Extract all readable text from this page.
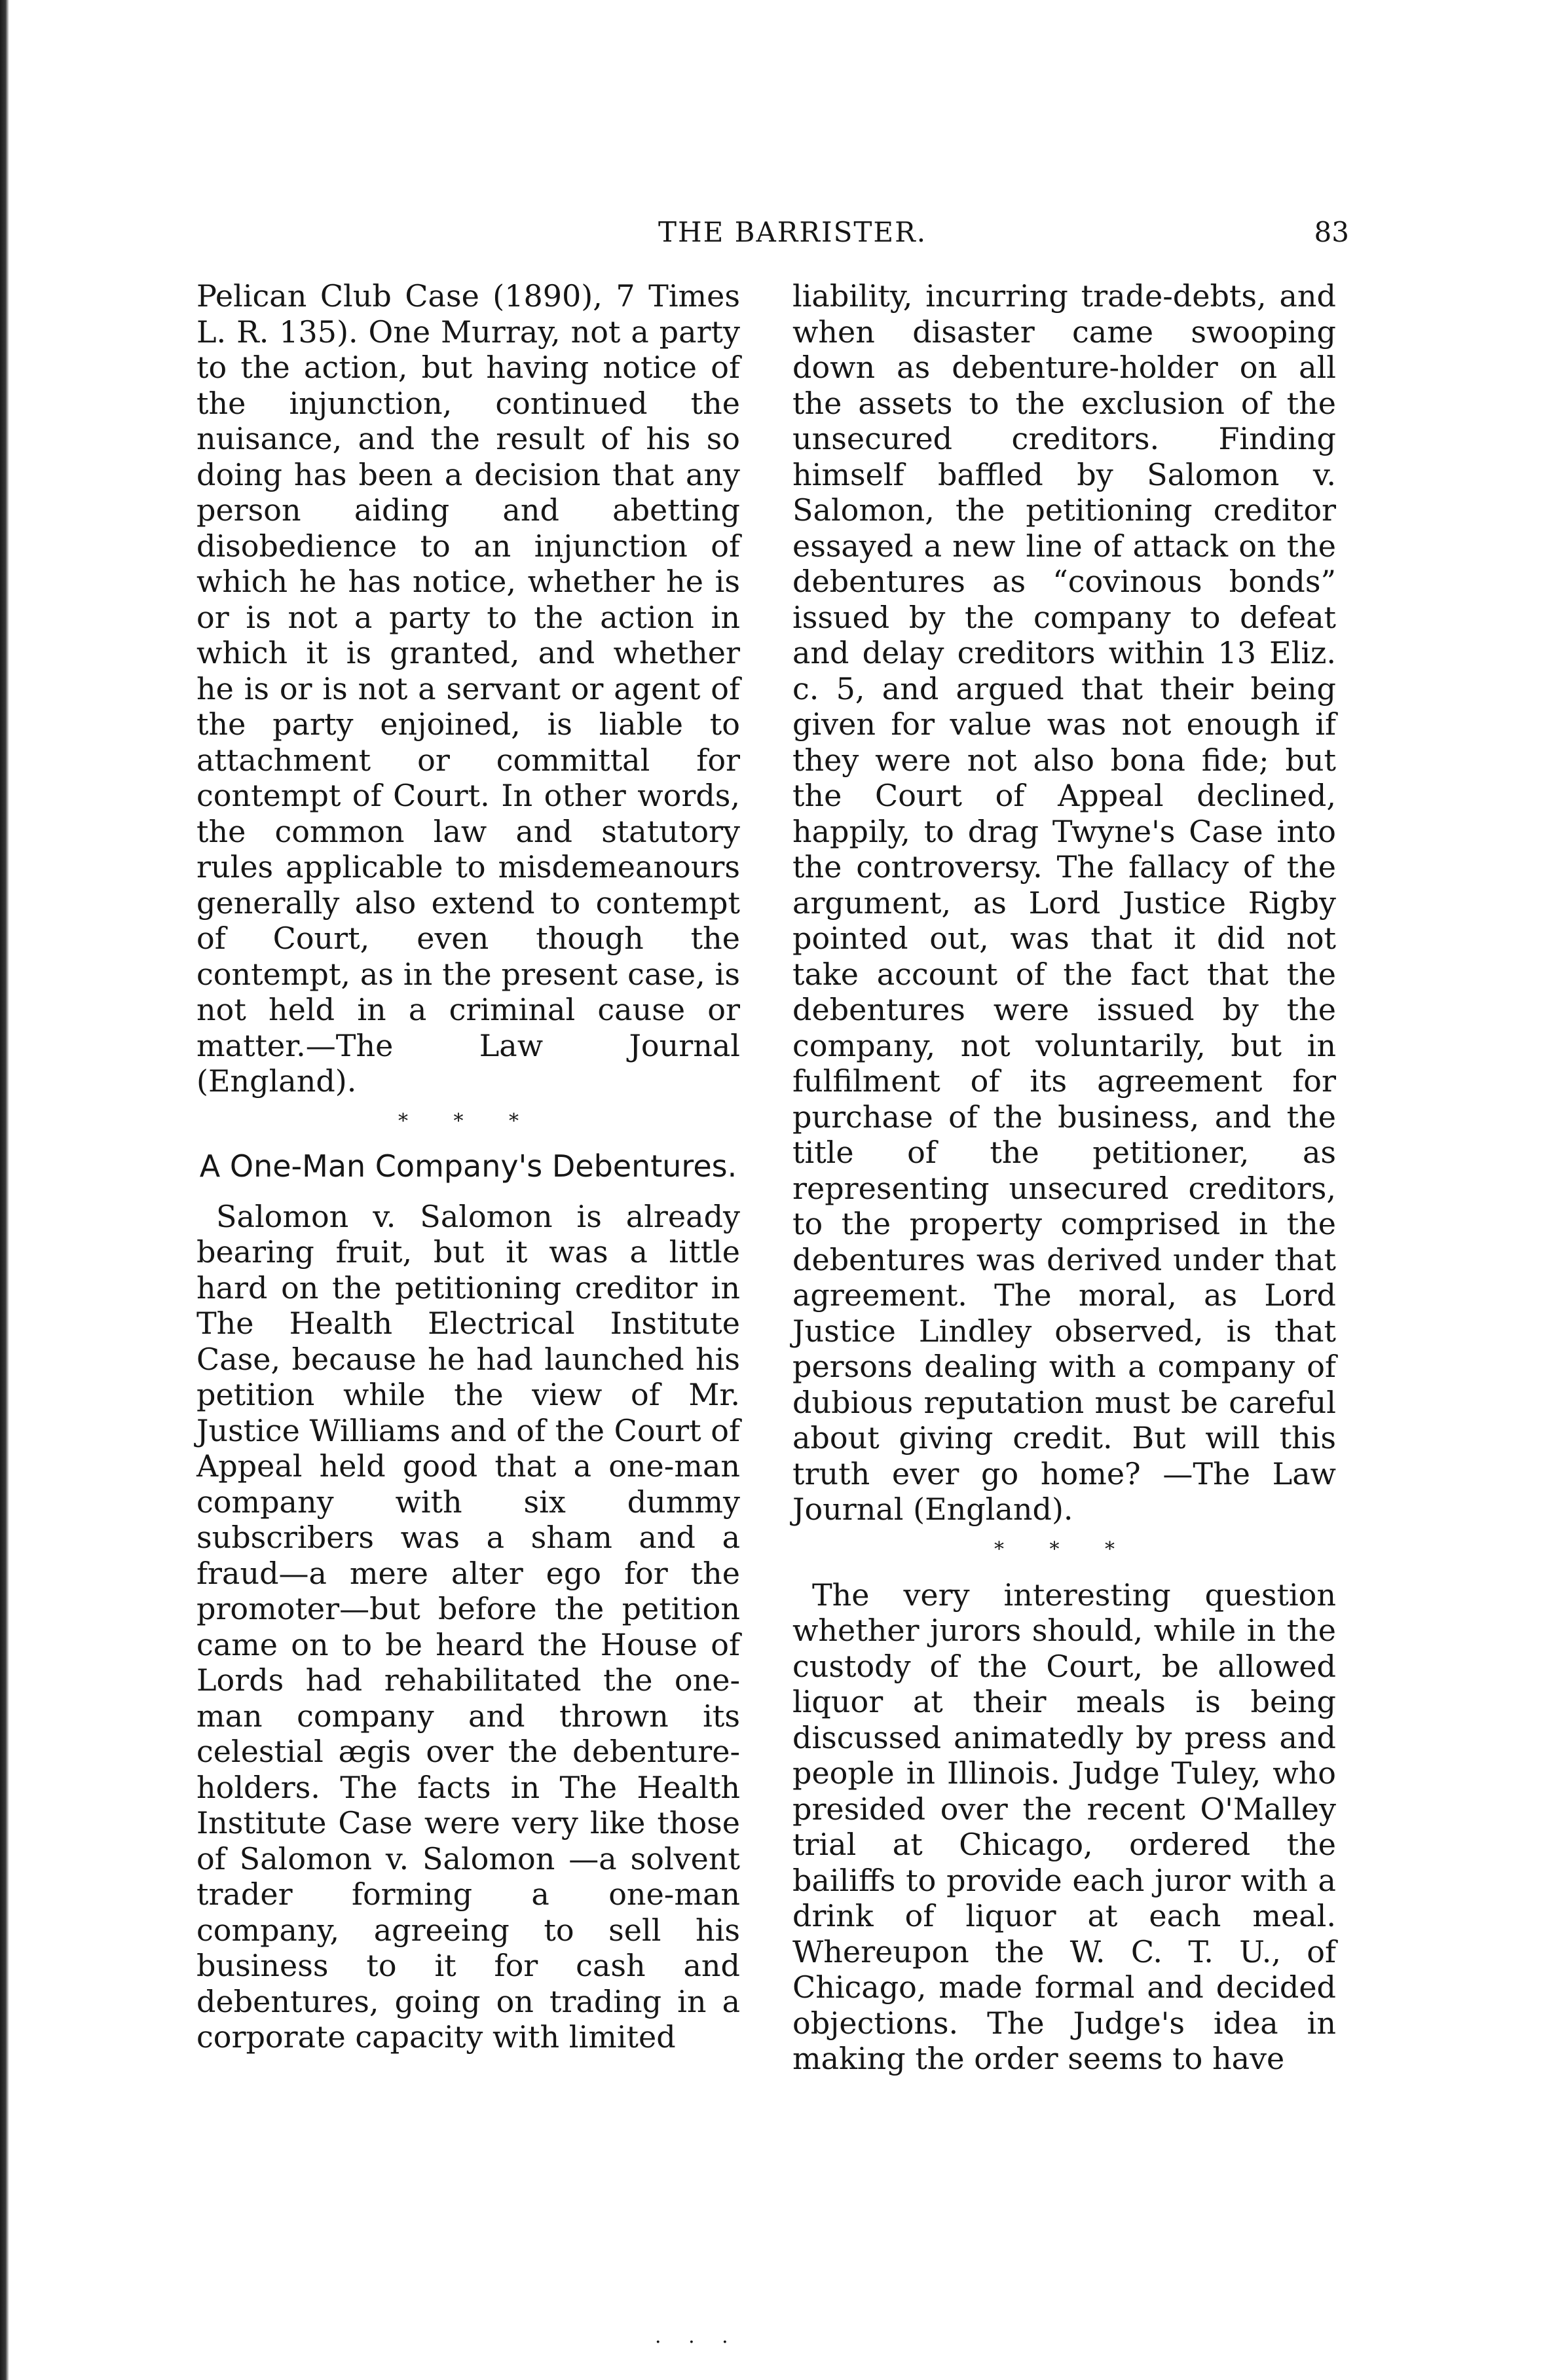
THE BARRISTER.	83

Pelican Club Case (1890), 7 Times L. R. 135). One Murray, not a party to the action, but having notice of the injunction, continued the nuisance, and the result of his so doing has been a decision that any person aiding and abetting disobedience to an injunction of which he has notice, whether he is or is not a party to the action in which it is granted, and whether he is or is not a servant or agent of the party enjoined, is liable to attachment or committal for contempt of Court. In other words, the common law and statutory rules applicable to misdemeanours generally also extend to contempt of Court, even though the contempt, as in the present case, is not held in a criminal cause or matter.—The Law Journal (England).

* * *
A One-Man Company's Debentures.

Salomon v. Salomon is already bearing fruit, but it was a little hard on the petitioning creditor in The Health Electrical Institute Case, because he had launched his petition while the view of Mr. Justice Williams and of the Court of Appeal held good that a one-man company with six dummy subscribers was a sham and a fraud—a mere alter ego for the promoter—but before the petition came on to be heard the House of Lords had rehabilitated the one-man company and thrown its celestial ægis over the debenture-holders. The facts in The Health Institute Case were very like those of Salomon v. Salomon —a solvent trader forming a one-man company, agreeing to sell his business to it for cash and debentures, going on trading in a corporate capacity with limited

liability, incurring trade-debts, and when disaster came swooping down as debenture-holder on all the assets to the exclusion of the unsecured creditors. Finding himself baffled by Salomon v. Salomon, the petitioning creditor essayed a new line of attack on the debentures as “covinous bonds” issued by the company to defeat and delay creditors within 13 Eliz. c. 5, and argued that their being given for value was not enough if they were not also bona fide; but the Court of Appeal declined, happily, to drag Twyne's Case into the controversy. The fallacy of the argument, as Lord Justice Rigby pointed out, was that it did not take account of the fact that the debentures were issued by the company, not voluntarily, but in fulfilment of its agreement for purchase of the business, and the title of the petitioner, as representing unsecured creditors, to the property comprised in the debentures was derived under that agreement. The moral, as Lord Justice Lindley observed, is that persons dealing with a company of dubious reputation must be careful about giving credit. But will this truth ever go home? —The Law Journal (England).

* * *

The very interesting question whether jurors should, while in the custody of the Court, be allowed liquor at their meals is being discussed animatedly by press and people in Illinois. Judge Tuley, who presided over the recent O'Malley trial at Chicago, ordered the bailiffs to provide each juror with a drink of liquor at each meal. Whereupon the W. C. T. U., of Chicago, made formal and decided objections. The Judge's idea in making the order seems to have

· · ·
